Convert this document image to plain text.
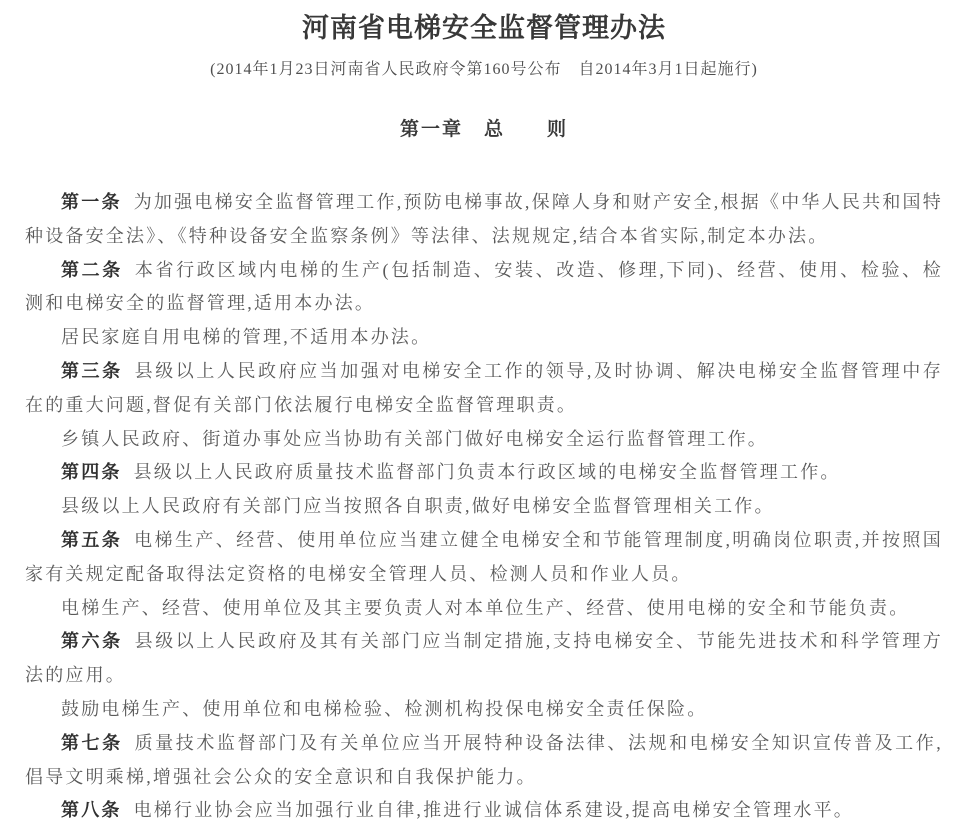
河南省电梯安全监督管理办法
(2014年1月23日河南省人民政府令第160号公布　自2014年3月1日起施行)
第一章　总　　则

第一条 为加强电梯安全监督管理工作,预防电梯事故,保障人身和财产安全,根据《中华人民共和国特种设备安全法》、《特种设备安全监察条例》等法律、法规规定,结合本省实际,制定本办法。

第二条 本省行政区域内电梯的生产(包括制造、安装、改造、修理,下同)、经营、使用、检验、检测和电梯安全的监督管理,适用本办法。

居民家庭自用电梯的管理,不适用本办法。

第三条 县级以上人民政府应当加强对电梯安全工作的领导,及时协调、解决电梯安全监督管理中存在的重大问题,督促有关部门依法履行电梯安全监督管理职责。

乡镇人民政府、街道办事处应当协助有关部门做好电梯安全运行监督管理工作。

第四条 县级以上人民政府质量技术监督部门负责本行政区域的电梯安全监督管理工作。

县级以上人民政府有关部门应当按照各自职责,做好电梯安全监督管理相关工作。

第五条 电梯生产、经营、使用单位应当建立健全电梯安全和节能管理制度,明确岗位职责,并按照国家有关规定配备取得法定资格的电梯安全管理人员、检测人员和作业人员。

电梯生产、经营、使用单位及其主要负责人对本单位生产、经营、使用电梯的安全和节能负责。

第六条 县级以上人民政府及其有关部门应当制定措施,支持电梯安全、节能先进技术和科学管理方法的应用。

鼓励电梯生产、使用单位和电梯检验、检测机构投保电梯安全责任保险。

第七条 质量技术监督部门及有关单位应当开展特种设备法律、法规和电梯安全知识宣传普及工作,倡导文明乘梯,增强社会公众的安全意识和自我保护能力。

第八条 电梯行业协会应当加强行业自律,推进行业诚信体系建设,提高电梯安全管理水平。
